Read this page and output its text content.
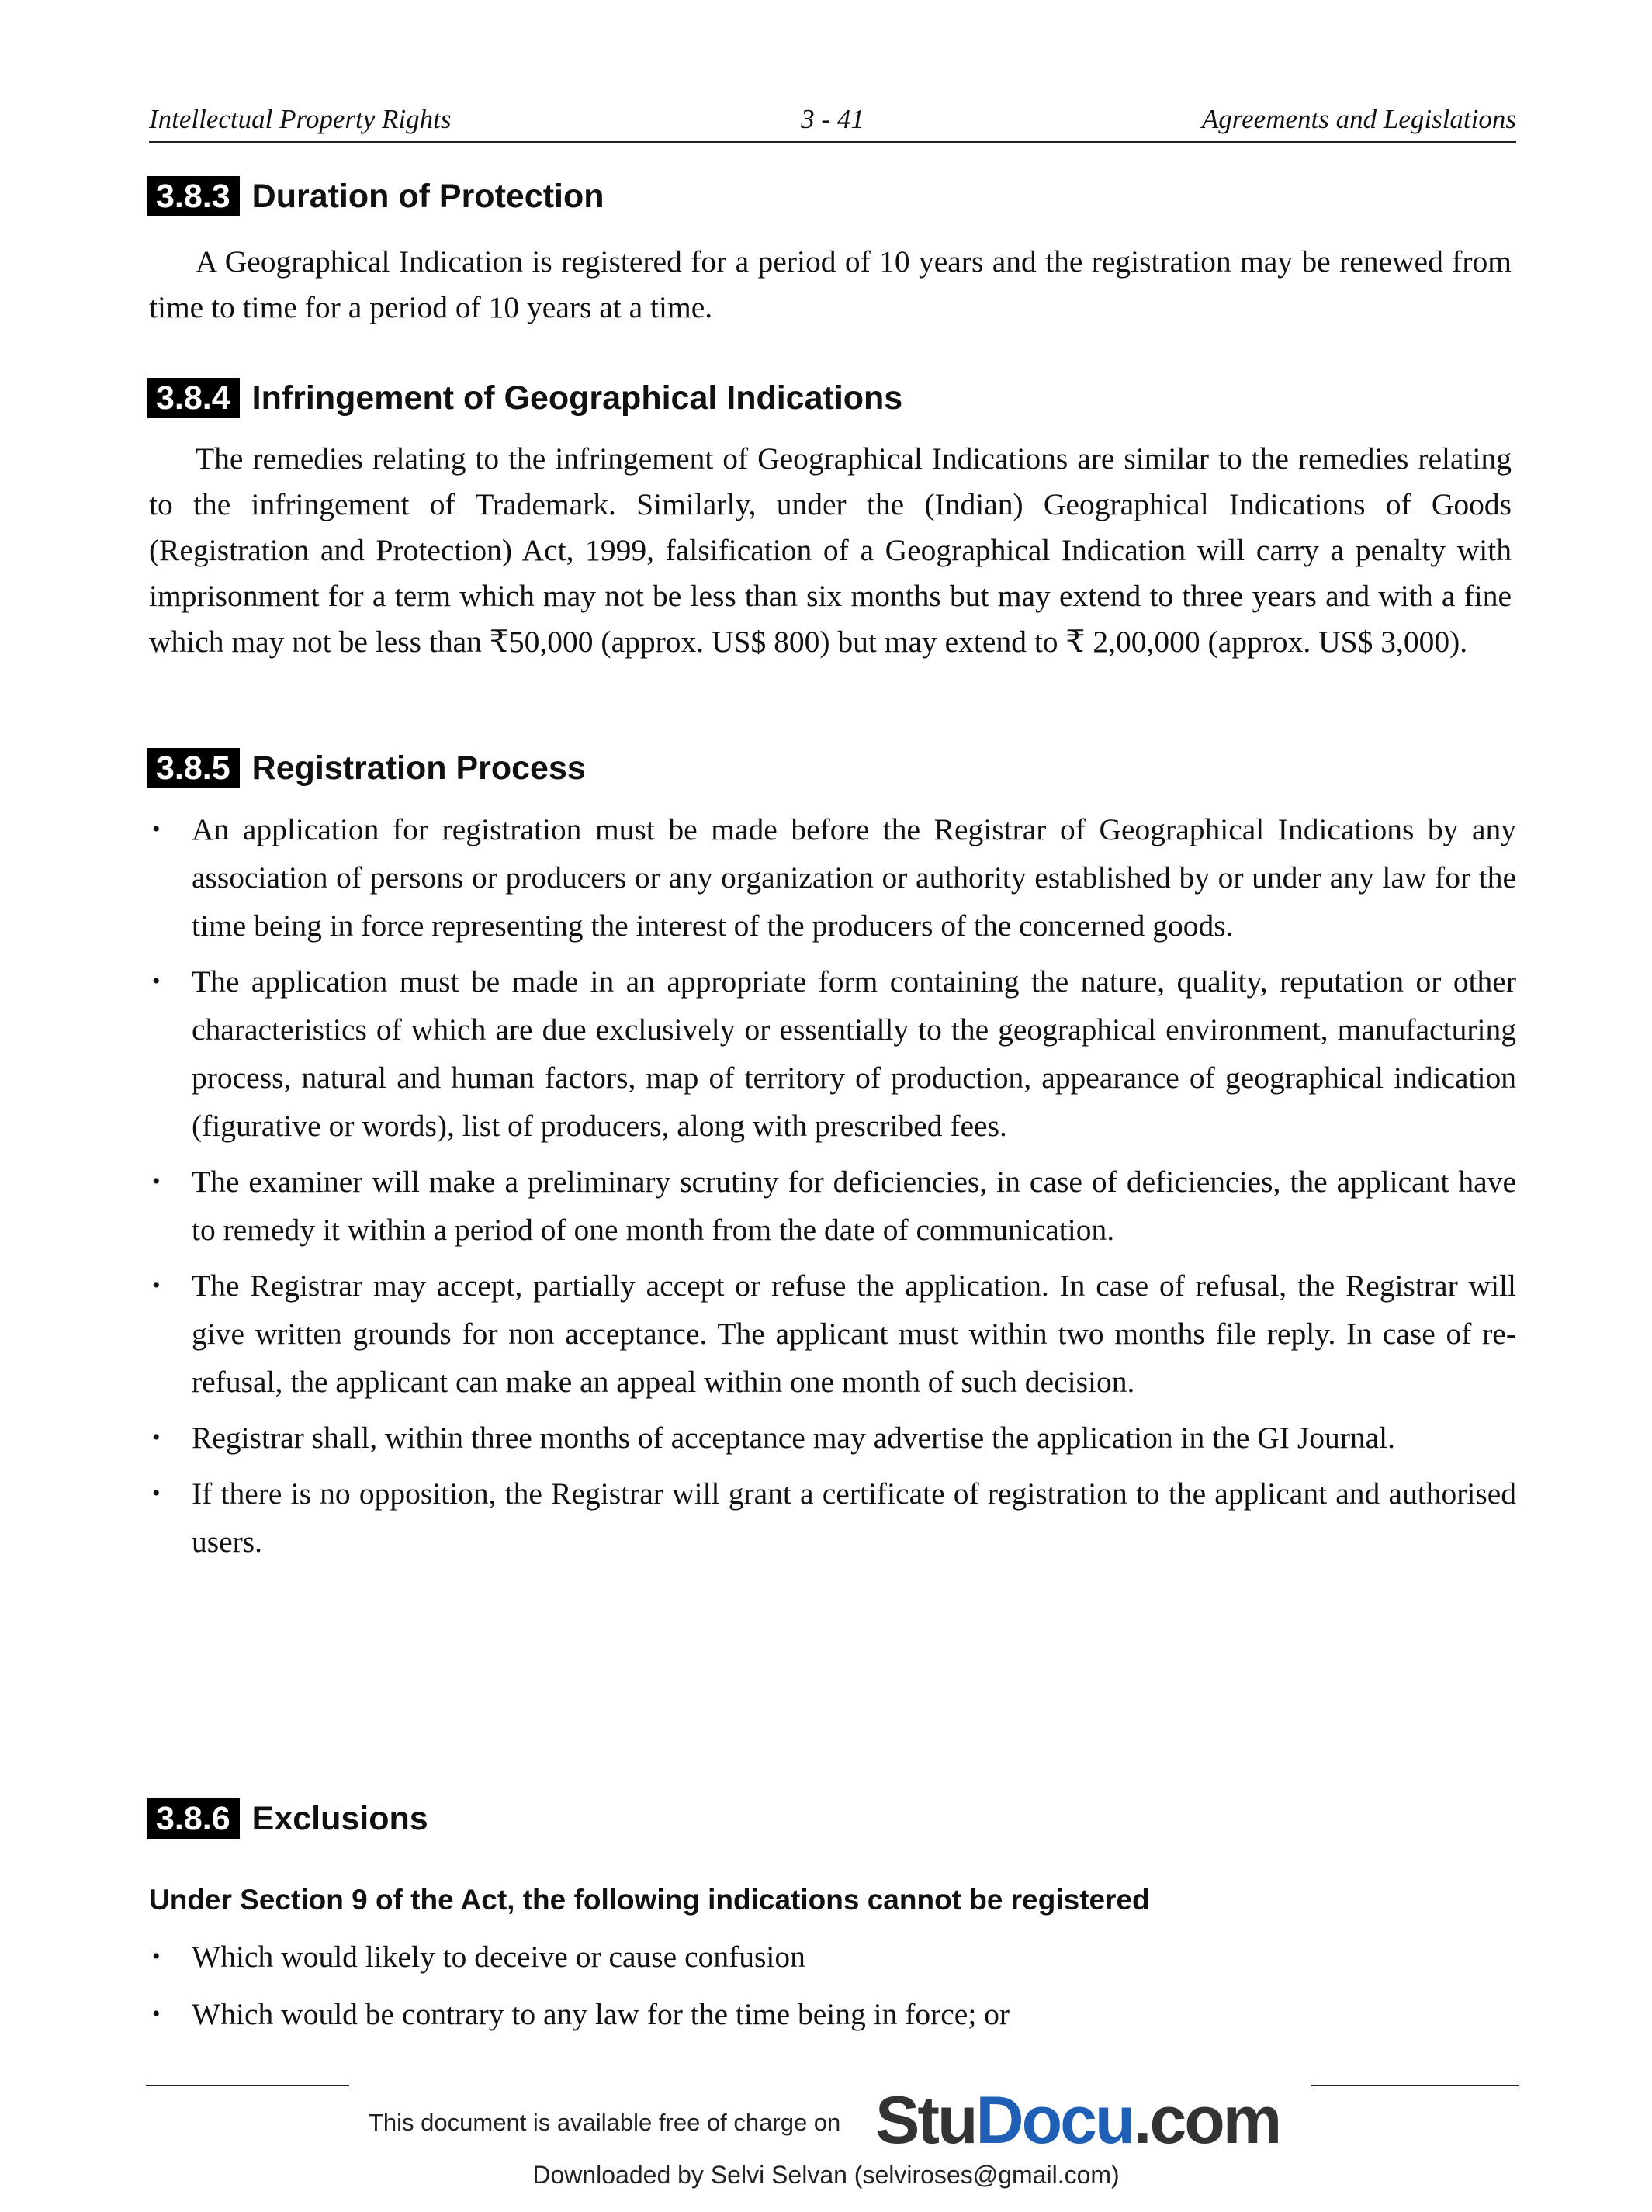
Intellectual Property Rights	3 - 41	Agreements and Legislations
3.8.3 Duration of Protection
A Geographical Indication is registered for a period of 10 years and the registration may be renewed from time to time for a period of 10 years at a time.
3.8.4 Infringement of Geographical Indications
The remedies relating to the infringement of Geographical Indications are similar to the remedies relating to the infringement of Trademark. Similarly, under the (Indian) Geographical Indications of Goods (Registration and Protection) Act, 1999, falsification of a Geographical Indication will carry a penalty with imprisonment for a term which may not be less than six months but may extend to three years and with a fine which may not be less than ₹50,000 (approx. US$ 800) but may extend to ₹ 2,00,000 (approx. US$ 3,000).
3.8.5 Registration Process
• An application for registration must be made before the Registrar of Geographical Indications by any association of persons or producers or any organization or authority established by or under any law for the time being in force representing the interest of the producers of the concerned goods.
• The application must be made in an appropriate form containing the nature, quality, reputation or other characteristics of which are due exclusively or essentially to the geographical environment, manufacturing process, natural and human factors, map of territory of production, appearance of geographical indication (figurative or words), list of producers, along with prescribed fees.
• The examiner will make a preliminary scrutiny for deficiencies, in case of deficiencies, the applicant have to remedy it within a period of one month from the date of communication.
• The Registrar may accept, partially accept or refuse the application. In case of refusal, the Registrar will give written grounds for non acceptance. The applicant must within two months file reply. In case of re-refusal, the applicant can make an appeal within one month of such decision.
• Registrar shall, within three months of acceptance may advertise the application in the GI Journal.
• If there is no opposition, the Registrar will grant a certificate of registration to the applicant and authorised users.
3.8.6 Exclusions
Under Section 9 of the Act, the following indications cannot be registered
• Which would likely to deceive or cause confusion
• Which would be contrary to any law for the time being in force; or
This document is available free of charge on StuDocu.com
Downloaded by Selvi Selvan (selviroses@gmail.com)
